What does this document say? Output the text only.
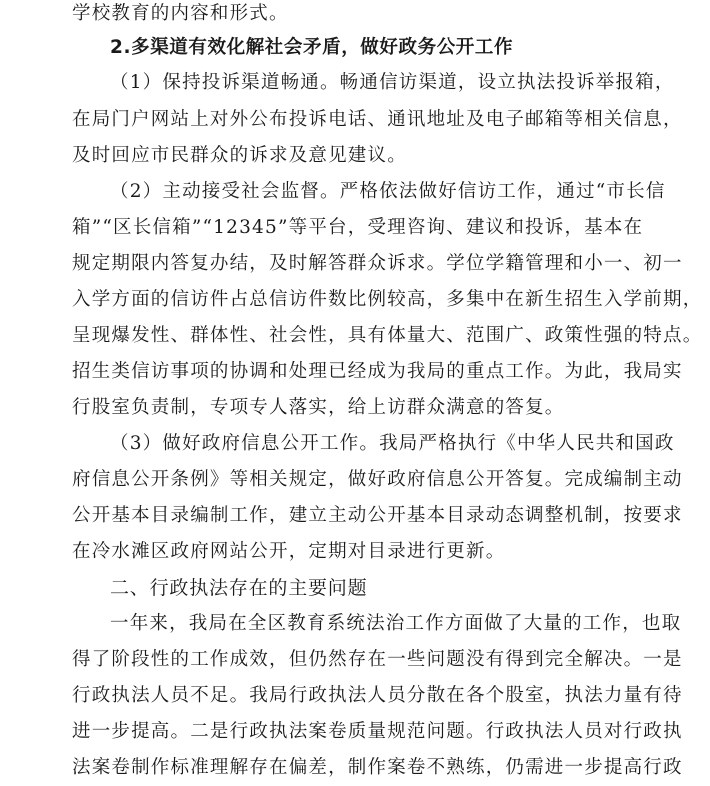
学校教育的内容和形式。
2.多渠道有效化解社会矛盾，做好政务公开工作
（1）保持投诉渠道畅通。畅通信访渠道，设立执法投诉举报箱，
在局门户网站上对外公布投诉电话、通讯地址及电子邮箱等相关信息，
及时回应市民群众的诉求及意见建议。
（2）主动接受社会监督。严格依法做好信访工作，通过“市长信
箱”“区长信箱”“12345”等平台，受理咨询、建议和投诉，基本在
规定期限内答复办结，及时解答群众诉求。学位学籍管理和小一、初一
入学方面的信访件占总信访件数比例较高，多集中在新生招生入学前期，
呈现爆发性、群体性、社会性，具有体量大、范围广、政策性强的特点。
招生类信访事项的协调和处理已经成为我局的重点工作。为此，我局实
行股室负责制，专项专人落实，给上访群众满意的答复。
（3）做好政府信息公开工作。我局严格执行《中华人民共和国政
府信息公开条例》等相关规定，做好政府信息公开答复。完成编制主动
公开基本目录编制工作，建立主动公开基本目录动态调整机制，按要求
在冷水滩区政府网站公开，定期对目录进行更新。
二、行政执法存在的主要问题
一年来，我局在全区教育系统法治工作方面做了大量的工作，也取
得了阶段性的工作成效，但仍然存在一些问题没有得到完全解决。一是
行政执法人员不足。我局行政执法人员分散在各个股室，执法力量有待
进一步提高。二是行政执法案卷质量规范问题。行政执法人员对行政执
法案卷制作标准理解存在偏差，制作案卷不熟练，仍需进一步提高行政
